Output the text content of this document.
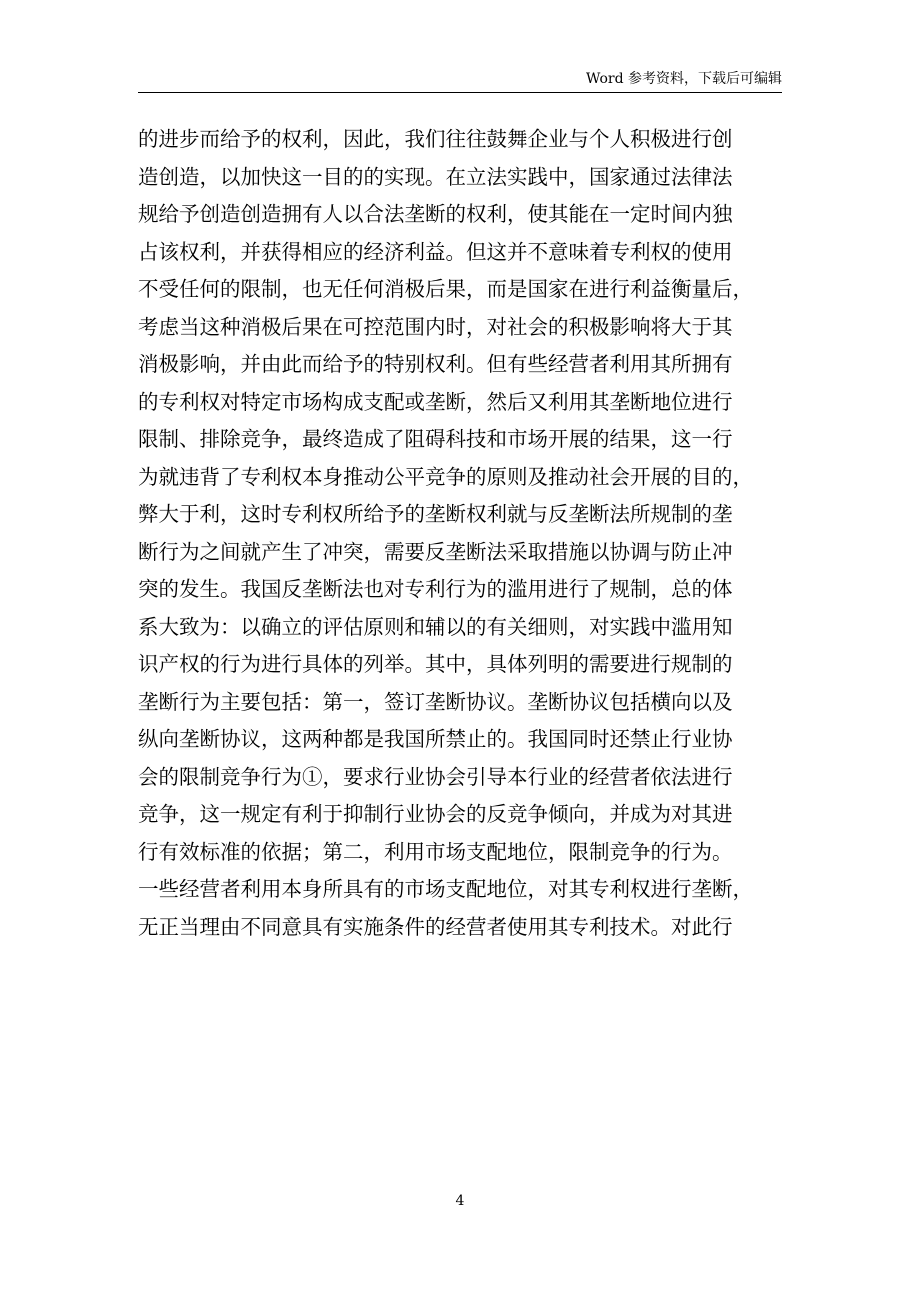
Word 参考资料，下载后可编辑
的进步而给予的权利，因此，我们往往鼓舞企业与个人积极进行创
造创造，以加快这一目的的实现。在立法实践中，国家通过法律法
规给予创造创造拥有人以合法垄断的权利，使其能在一定时间内独
占该权利，并获得相应的经济利益。但这并不意味着专利权的使用
不受任何的限制，也无任何消极后果，而是国家在进行利益衡量后，
考虑当这种消极后果在可控范围内时，对社会的积极影响将大于其
消极影响，并由此而给予的特别权利。但有些经营者利用其所拥有
的专利权对特定市场构成支配或垄断，然后又利用其垄断地位进行
限制、排除竞争，最终造成了阻碍科技和市场开展的结果，这一行
为就违背了专利权本身推动公平竞争的原则及推动社会开展的目的，
弊大于利，这时专利权所给予的垄断权利就与反垄断法所规制的垄
断行为之间就产生了冲突，需要反垄断法采取措施以协调与防止冲
突的发生。我国反垄断法也对专利行为的滥用进行了规制，总的体
系大致为：以确立的评估原则和辅以的有关细则，对实践中滥用知
识产权的行为进行具体的列举。其中，具体列明的需要进行规制的
垄断行为主要包括：第一，签订垄断协议。垄断协议包括横向以及
纵向垄断协议，这两种都是我国所禁止的。我国同时还禁止行业协
会的限制竞争行为①，要求行业协会引导本行业的经营者依法进行
竞争，这一规定有利于抑制行业协会的反竞争倾向，并成为对其进
行有效标准的依据；第二，利用市场支配地位，限制竞争的行为。
一些经营者利用本身所具有的市场支配地位，对其专利权进行垄断，
无正当理由不同意具有实施条件的经营者使用其专利技术。对此行
4
